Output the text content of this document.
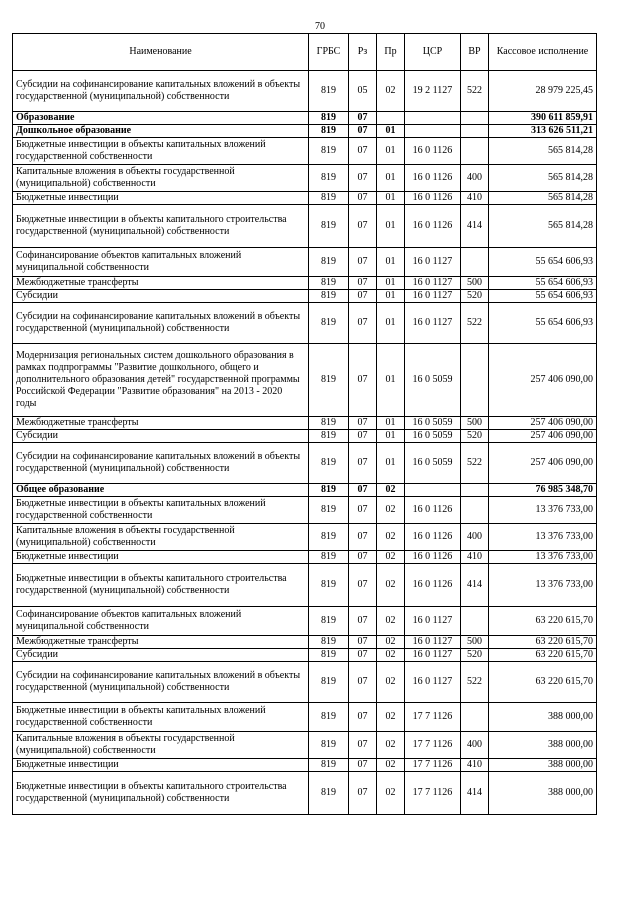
70
Наименование	ГРБС	Рз	Пр	ЦСР	ВР	Кассовое исполнение
Субсидии на софинансирование капитальных вложений в объекты государственной (муниципальной) собственности	819	05	02	19 2 1127	522	28 979 225,45
Образование	819	07				390 611 859,91
Дошкольное образование	819	07	01			313 626 511,21
Бюджетные инвестиции в объекты капитальных вложений государственной собственности	819	07	01	16 0 1126		565 814,28
Капитальные вложения в объекты государственной (муниципальной) собственности	819	07	01	16 0 1126	400	565 814,28
Бюджетные инвестиции	819	07	01	16 0 1126	410	565 814,28
Бюджетные инвестиции в объекты капитального строительства государственной (муниципальной) собственности	819	07	01	16 0 1126	414	565 814,28
Софинансирование объектов капитальных вложений муниципальной собственности	819	07	01	16 0 1127		55 654 606,93
Межбюджетные трансферты	819	07	01	16 0 1127	500	55 654 606,93
Субсидии	819	07	01	16 0 1127	520	55 654 606,93
Субсидии на софинансирование капитальных вложений в объекты государственной (муниципальной) собственности	819	07	01	16 0 1127	522	55 654 606,93
Модернизация региональных систем дошкольного образования в рамках подпрограммы "Развитие дошкольного, общего и дополнительного образования детей" государственной программы Российской Федерации "Развитие образования" на 2013 - 2020 годы	819	07	01	16 0 5059		257 406 090,00
Межбюджетные трансферты	819	07	01	16 0 5059	500	257 406 090,00
Субсидии	819	07	01	16 0 5059	520	257 406 090,00
Субсидии на софинансирование капитальных вложений в объекты государственной (муниципальной) собственности	819	07	01	16 0 5059	522	257 406 090,00
Общее образование	819	07	02			76 985 348,70
Бюджетные инвестиции в объекты капитальных вложений государственной собственности	819	07	02	16 0 1126		13 376 733,00
Капитальные вложения в объекты государственной (муниципальной) собственности	819	07	02	16 0 1126	400	13 376 733,00
Бюджетные инвестиции	819	07	02	16 0 1126	410	13 376 733,00
Бюджетные инвестиции в объекты капитального строительства государственной (муниципальной) собственности	819	07	02	16 0 1126	414	13 376 733,00
Софинансирование объектов капитальных вложений муниципальной собственности	819	07	02	16 0 1127		63 220 615,70
Межбюджетные трансферты	819	07	02	16 0 1127	500	63 220 615,70
Субсидии	819	07	02	16 0 1127	520	63 220 615,70
Субсидии на софинансирование капитальных вложений в объекты государственной (муниципальной) собственности	819	07	02	16 0 1127	522	63 220 615,70
Бюджетные инвестиции в объекты капитальных вложений государственной собственности	819	07	02	17 7 1126		388 000,00
Капитальные вложения в объекты государственной (муниципальной) собственности	819	07	02	17 7 1126	400	388 000,00
Бюджетные инвестиции	819	07	02	17 7 1126	410	388 000,00
Бюджетные инвестиции в объекты капитального строительства государственной (муниципальной) собственности	819	07	02	17 7 1126	414	388 000,00
